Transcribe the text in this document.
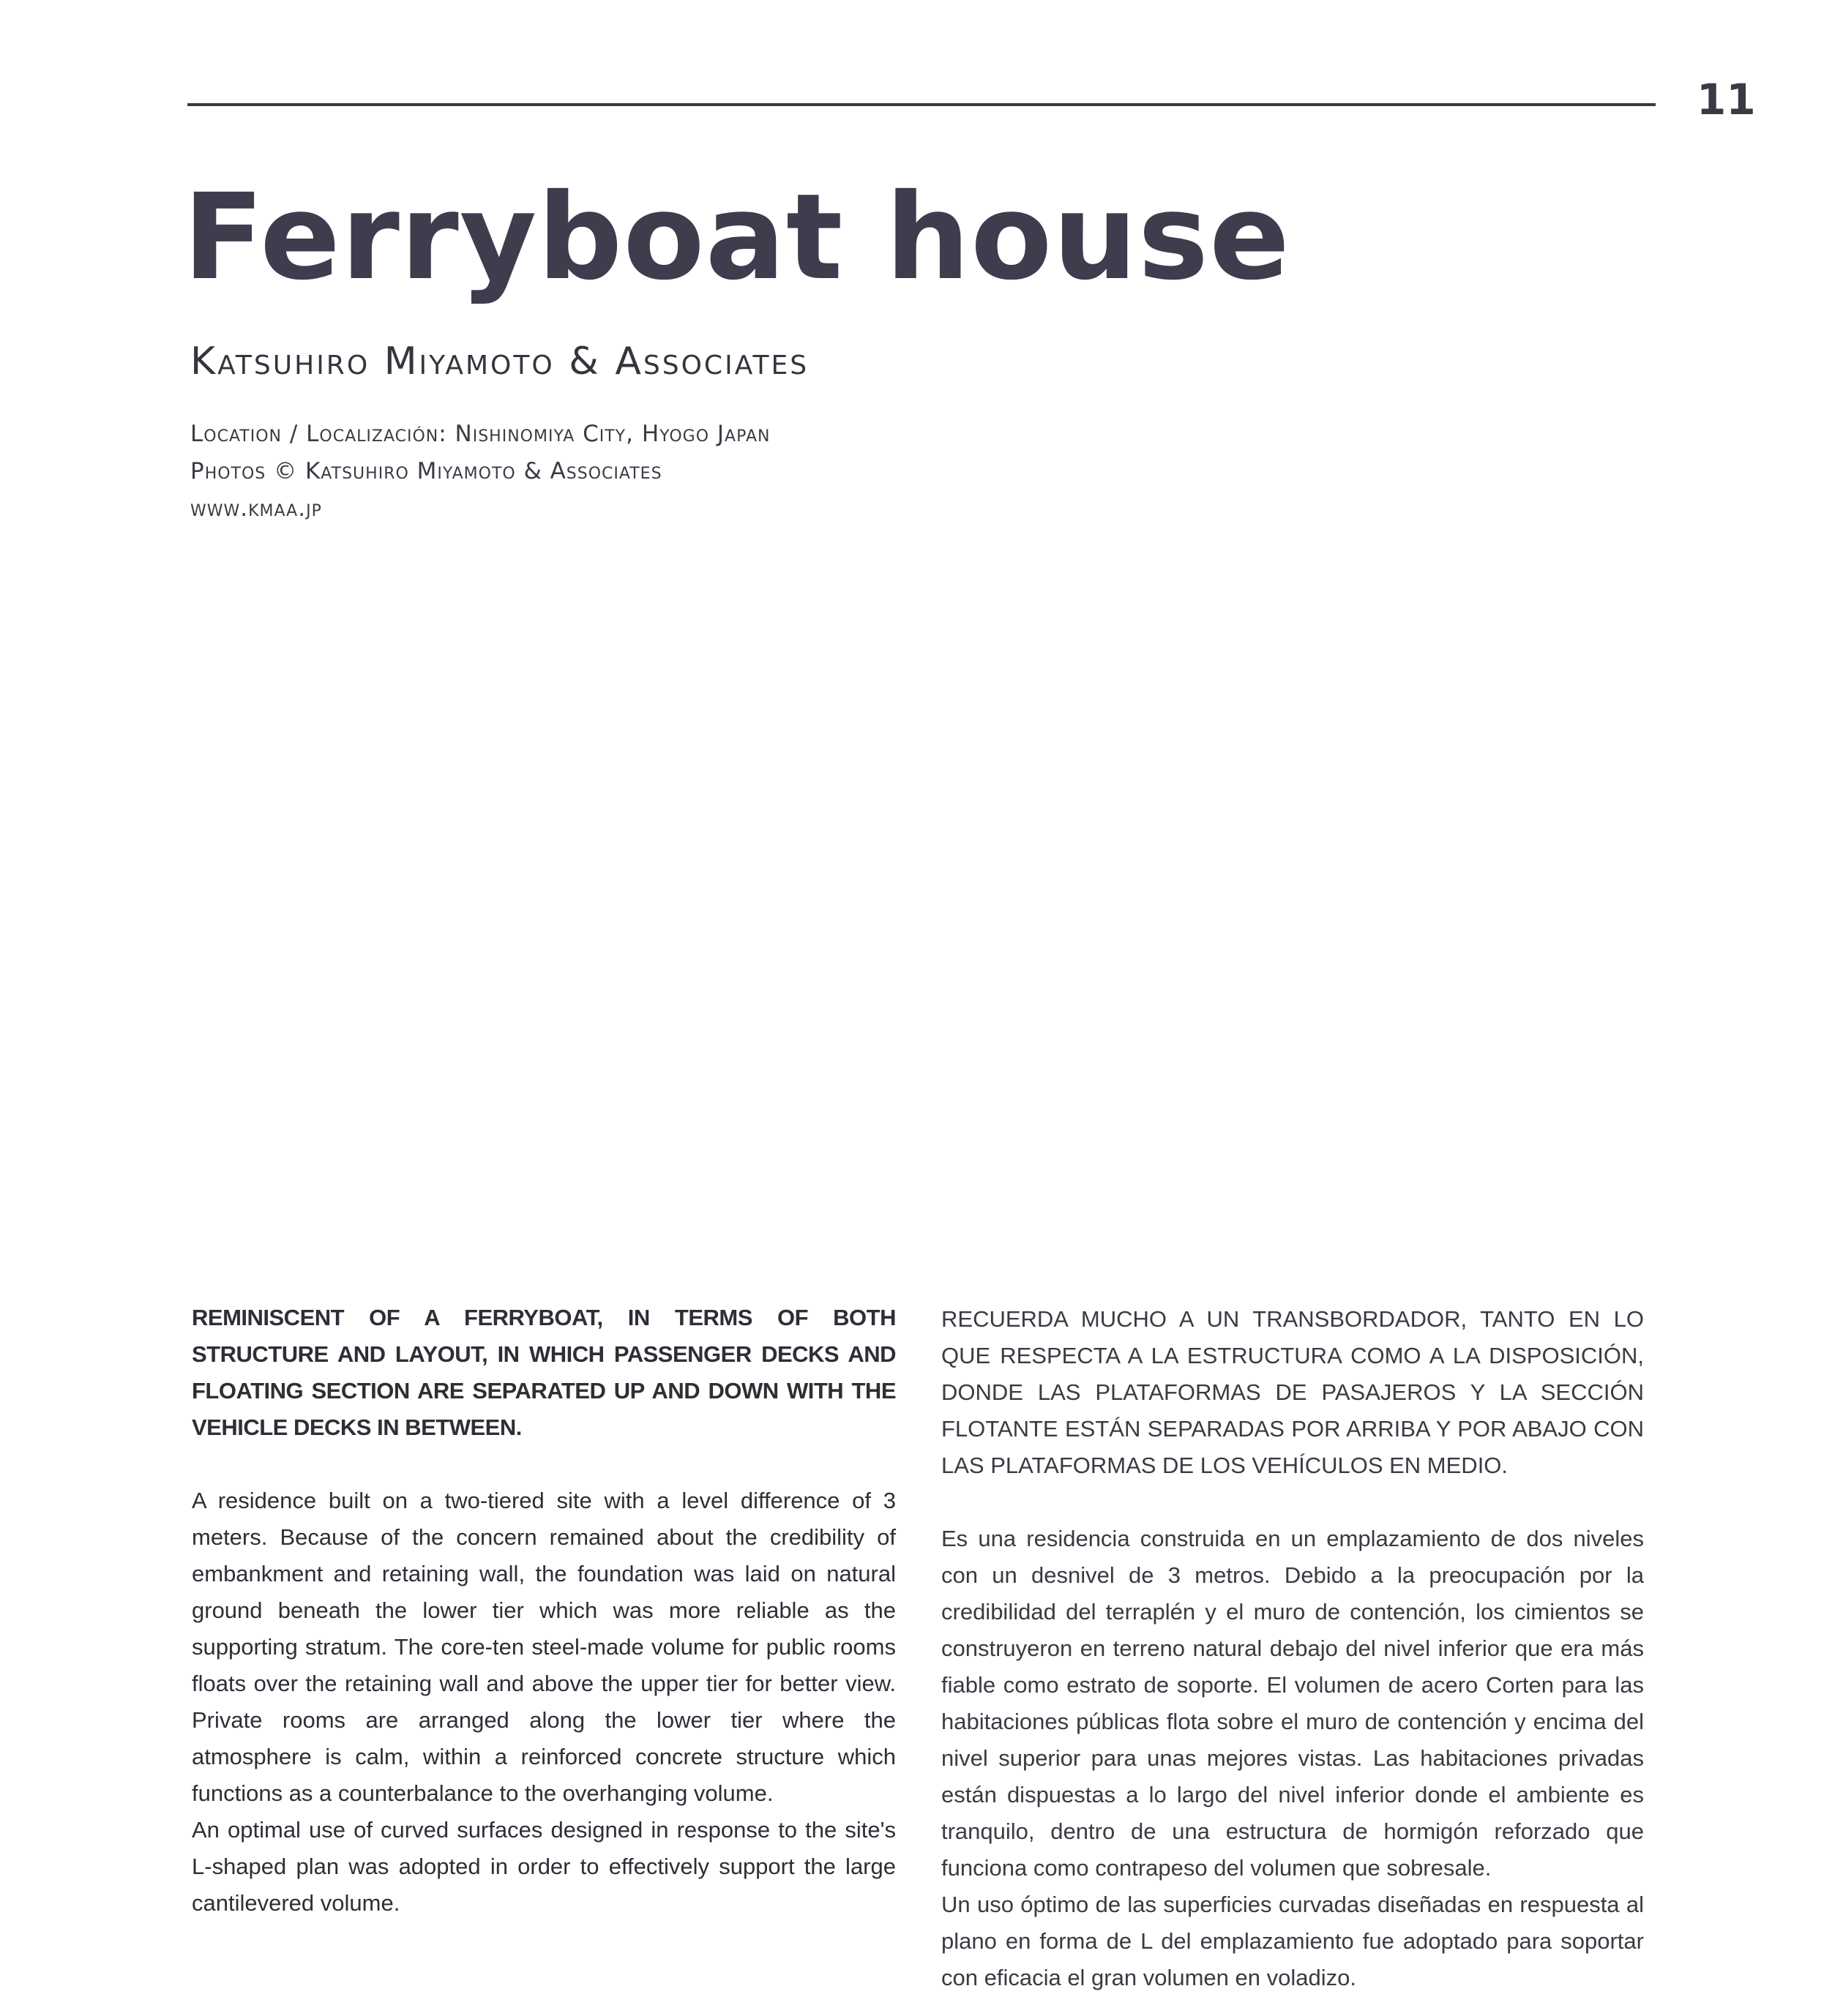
11
Ferryboat house
Katsuhiro Miyamoto & Associates
Location / Localización: Nishinomiya City, Hyogo Japan
Photos © Katsuhiro Miyamoto & Associates
www.kmaa.jp

REMINISCENT OF A FERRYBOAT, IN TERMS OF BOTH STRUCTURE AND LAYOUT, IN WHICH PASSENGER DECKS AND FLOATING SECTION ARE SEPARATED UP AND DOWN WITH THE VEHICLE DECKS IN BETWEEN.

A residence built on a two-tiered site with a level difference of 3 meters. Because of the concern remained about the credibility of embankment and retaining wall, the foundation was laid on natural ground beneath the lower tier which was more reliable as the supporting stratum. The core-ten steel-made volume for public rooms floats over the retaining wall and above the upper tier for better view. Private rooms are arranged along the lower tier where the atmosphere is calm, within a reinforced concrete structure which functions as a counterbalance to the overhanging volume.

An optimal use of curved surfaces designed in response to the site's L-shaped plan was adopted in order to effectively support the large cantilevered volume.

RECUERDA MUCHO A UN TRANSBORDADOR, TANTO EN LO QUE RESPECTA A LA ESTRUCTURA COMO A LA DISPOSICIÓN, DONDE LAS PLATAFORMAS DE PASAJEROS Y LA SECCIÓN FLOTANTE ESTÁN SEPARADAS POR ARRIBA Y POR ABAJO CON LAS PLATAFORMAS DE LOS VEHÍCULOS EN MEDIO.

Es una residencia construida en un emplazamiento de dos niveles con un desnivel de 3 metros. Debido a la preocupación por la credibilidad del terraplén y el muro de contención, los cimientos se construyeron en terreno natural debajo del nivel inferior que era más fiable como estrato de soporte. El volumen de acero Corten para las habitaciones públicas flota sobre el muro de contención y encima del nivel superior para unas mejores vistas. Las habitaciones privadas están dispuestas a lo largo del nivel inferior donde el ambiente es tranquilo, dentro de una estructura de hormigón reforzado que funciona como contrapeso del volumen que sobresale.

Un uso óptimo de las superficies curvadas diseñadas en respuesta al plano en forma de L del emplazamiento fue adoptado para soportar con eficacia el gran volumen en voladizo.
